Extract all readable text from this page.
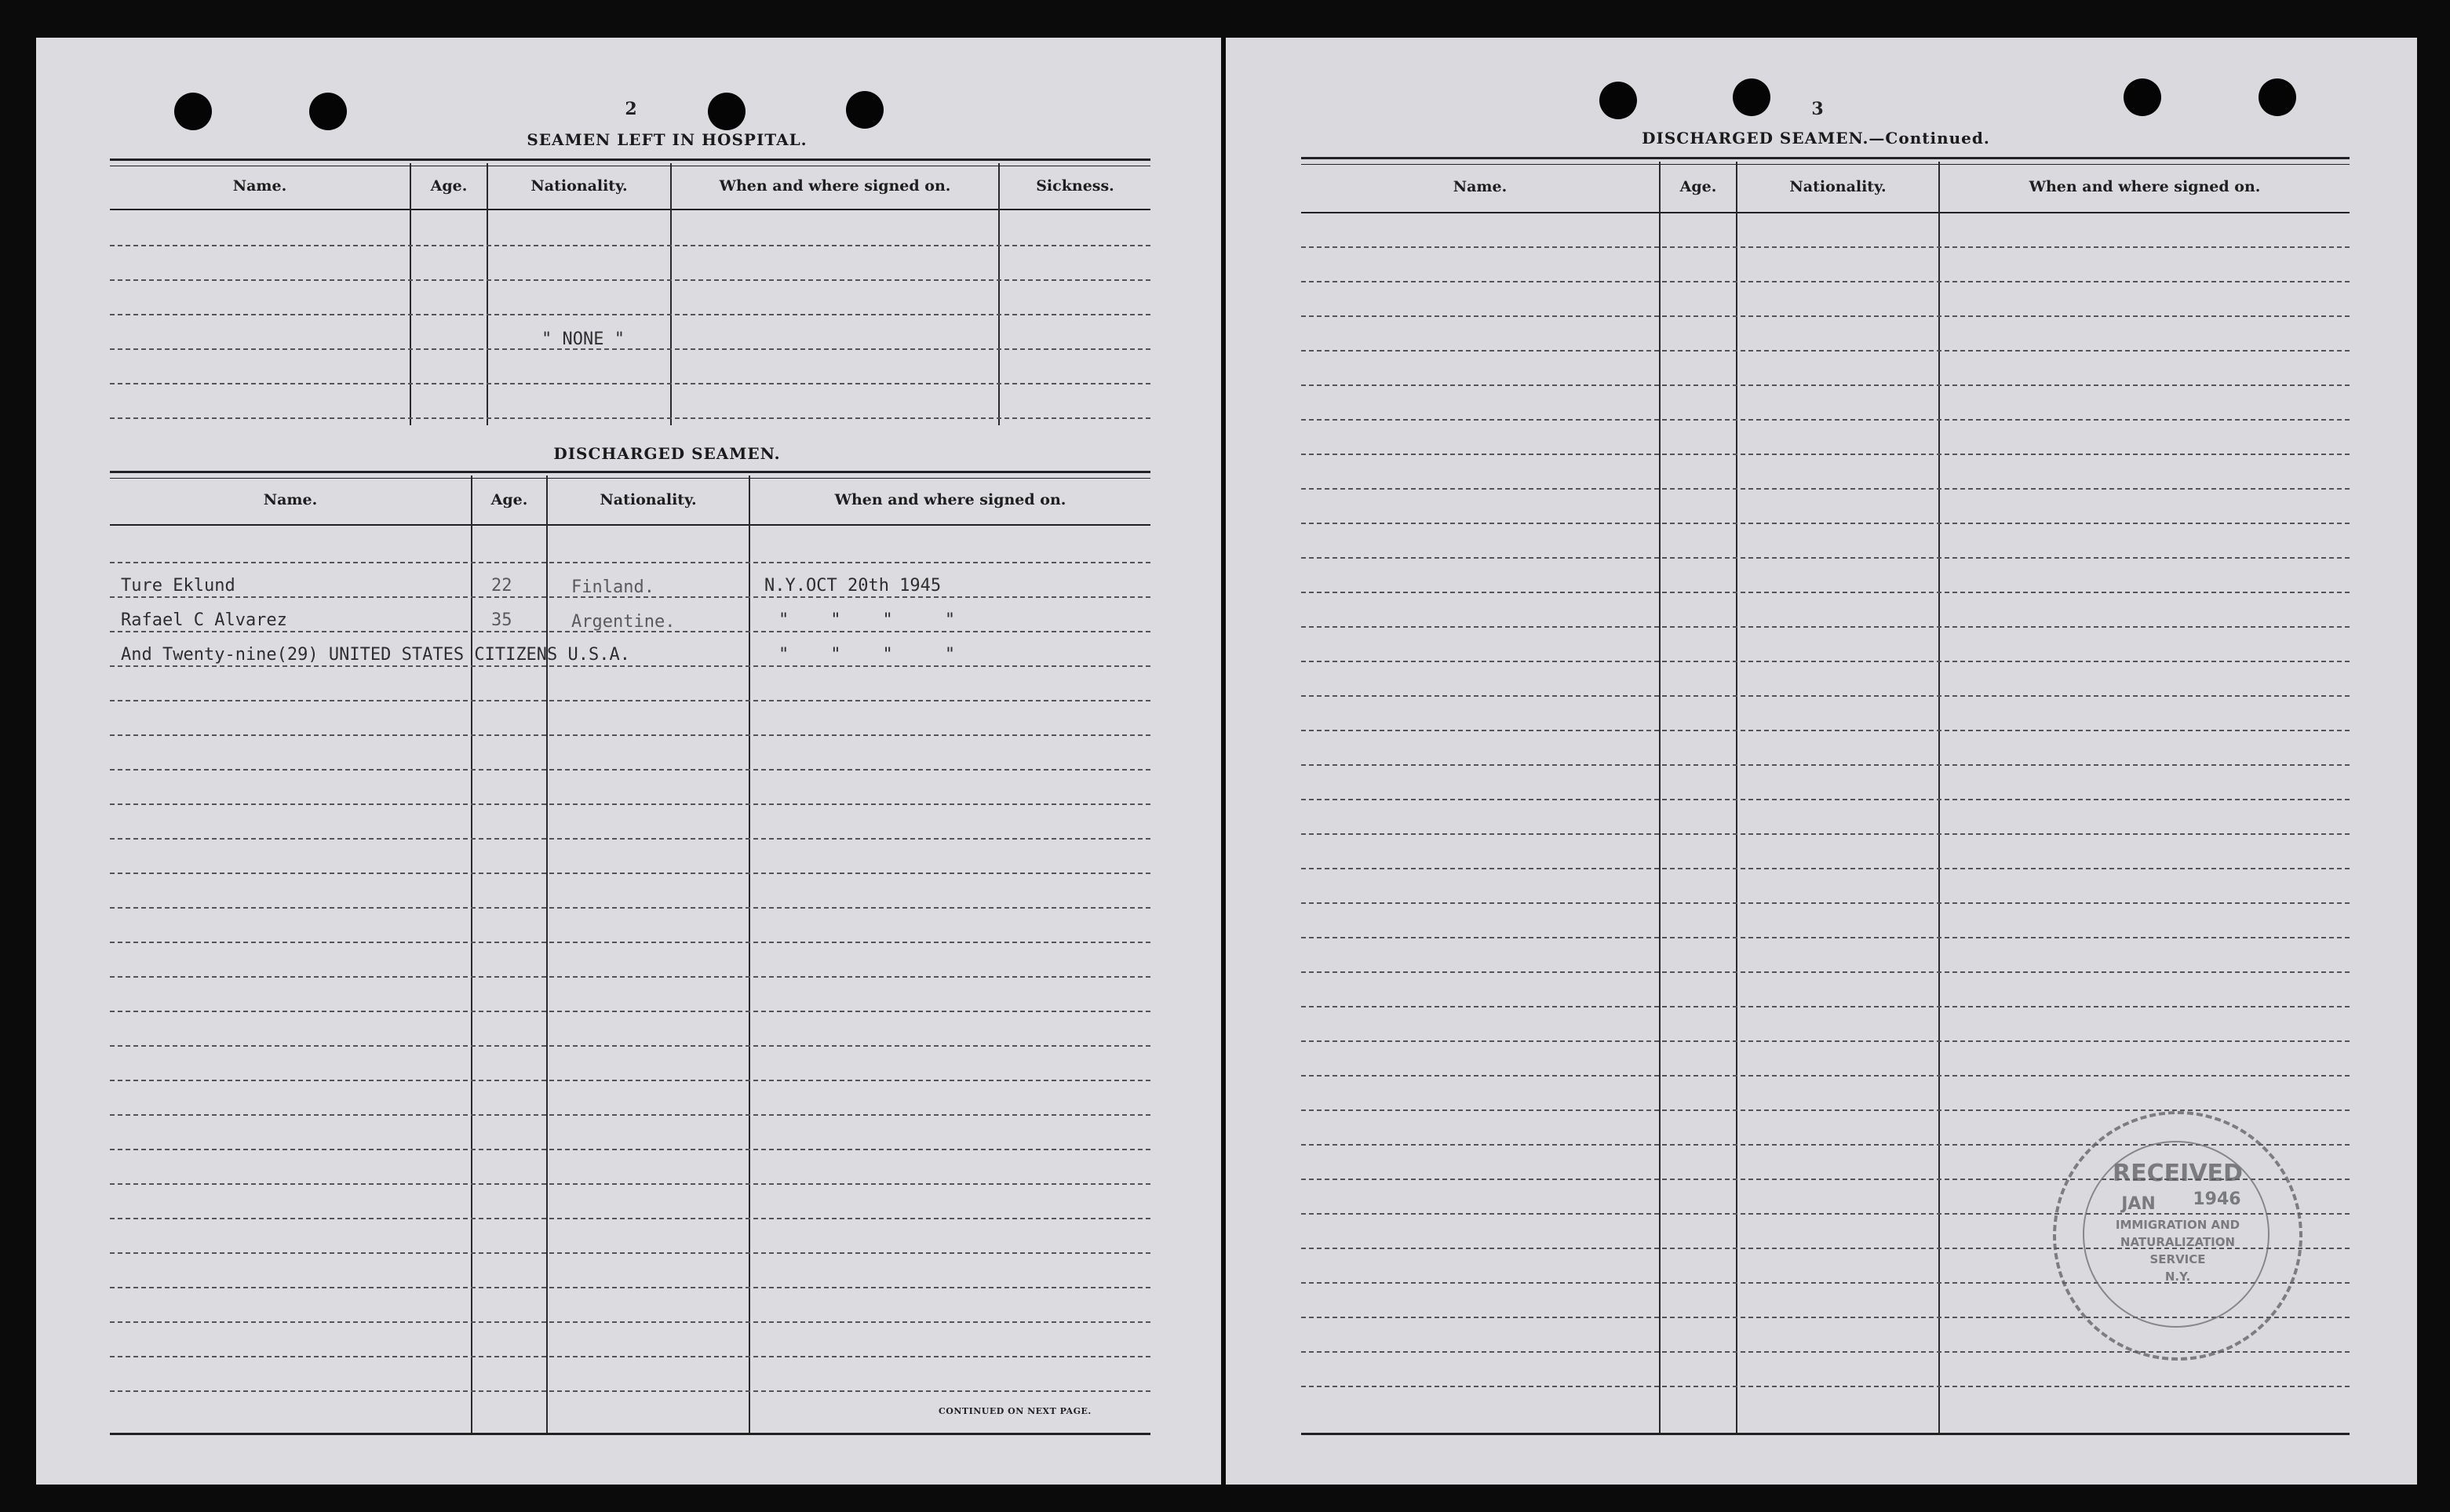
2
SEAMEN LEFT IN HOSPITAL.
Name.	Age.	Nationality.	When and where signed on.	Sickness.
" NONE "
DISCHARGED SEAMEN.
Name.	Age.	Nationality.	When and where signed on.
Ture Eklund	22	Finland.	N.Y.OCT 20th 1945
Rafael C Alvarez	35	Argentine.	"    "    "     "
And Twenty-nine(29) UNITED STATES CITIZENS U.S.A.	"    "    "     "
CONTINUED ON NEXT PAGE.
3
DISCHARGED SEAMEN.—Continued.
Name.	Age.	Nationality.	When and where signed on.
RECEIVED
JAN	1946
IMMIGRATION AND
NATURALIZATION
SERVICE
N.Y.
